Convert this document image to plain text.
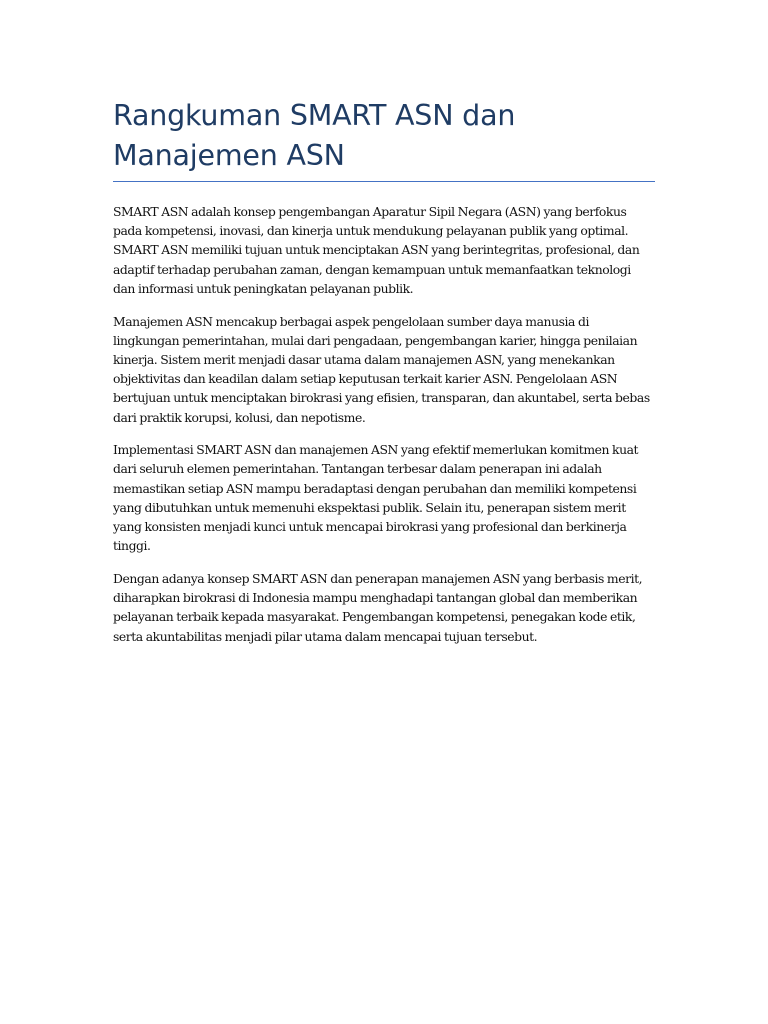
Rangkuman SMART ASN dan Manajemen ASN

SMART ASN adalah konsep pengembangan Aparatur Sipil Negara (ASN) yang berfokus pada kompetensi, inovasi, dan kinerja untuk mendukung pelayanan publik yang optimal. SMART ASN memiliki tujuan untuk menciptakan ASN yang berintegritas, profesional, dan adaptif terhadap perubahan zaman, dengan kemampuan untuk memanfaatkan teknologi dan informasi untuk peningkatan pelayanan publik.

Manajemen ASN mencakup berbagai aspek pengelolaan sumber daya manusia di lingkungan pemerintahan, mulai dari pengadaan, pengembangan karier, hingga penilaian kinerja. Sistem merit menjadi dasar utama dalam manajemen ASN, yang menekankan objektivitas dan keadilan dalam setiap keputusan terkait karier ASN. Pengelolaan ASN bertujuan untuk menciptakan birokrasi yang efisien, transparan, dan akuntabel, serta bebas dari praktik korupsi, kolusi, dan nepotisme.

Implementasi SMART ASN dan manajemen ASN yang efektif memerlukan komitmen kuat dari seluruh elemen pemerintahan. Tantangan terbesar dalam penerapan ini adalah memastikan setiap ASN mampu beradaptasi dengan perubahan dan memiliki kompetensi yang dibutuhkan untuk memenuhi ekspektasi publik. Selain itu, penerapan sistem merit yang konsisten menjadi kunci untuk mencapai birokrasi yang profesional dan berkinerja tinggi.

Dengan adanya konsep SMART ASN dan penerapan manajemen ASN yang berbasis merit, diharapkan birokrasi di Indonesia mampu menghadapi tantangan global dan memberikan pelayanan terbaik kepada masyarakat. Pengembangan kompetensi, penegakan kode etik, serta akuntabilitas menjadi pilar utama dalam mencapai tujuan tersebut.
